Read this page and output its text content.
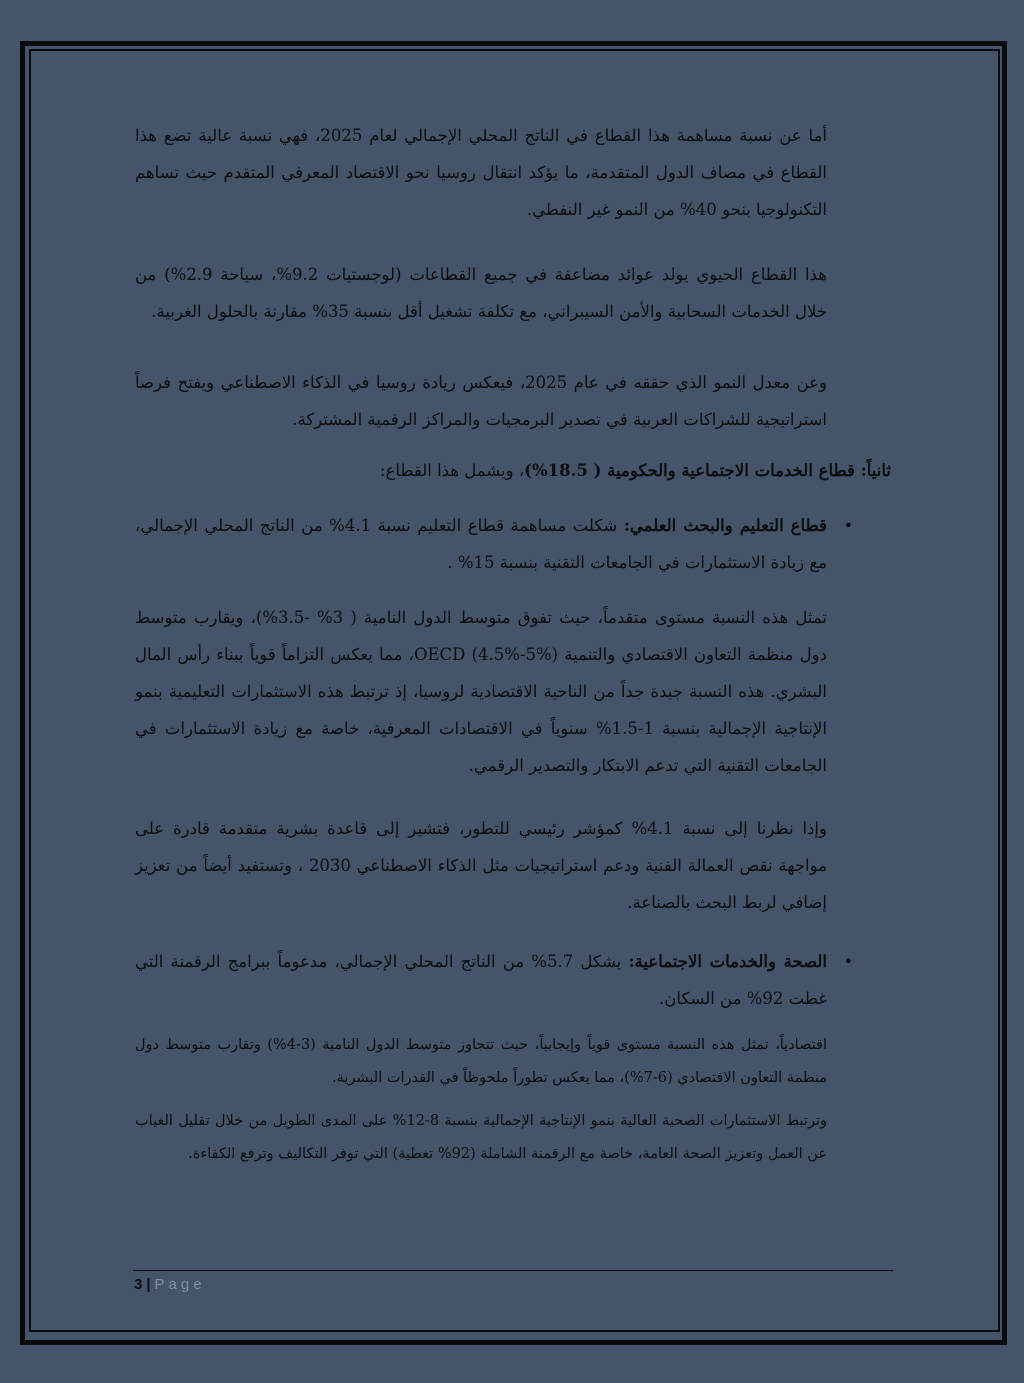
أما عن نسبة مساهمة هذا القطاع في الناتج المحلي الإجمالي لعام 2025، فهي نسبة عالية تضع هذا القطاع في مصاف الدول المتقدمة، ما يؤكد انتقال روسيا نحو الاقتصاد المعرفي المتقدم حيث تساهم التكنولوجيا بنحو 40% من النمو غير النفطي.

هذا القطاع الحيوي يولد عوائد مضاعفة في جميع القطاعات (لوجستيات 9.2%، سياحة 2.9%) من خلال الخدمات السحابية والأمن السيبراني، مع تكلفة تشغيل أقل بنسبة 35% مقارنة بالحلول الغربية.

وعن معدل النمو الذي حققه في عام 2025، فيعكس ريادة روسيا في الذكاء الاصطناعي ويفتح فرصاً استراتيجية للشراكات العربية في تصدير البرمجيات والمراكز الرقمية المشتركة.

ثانياً: قطاع الخدمات الاجتماعية والحكومية ( 18.5%)، ويشمل هذا القطاع:

•
قطاع التعليم والبحث العلمي: شكلت مساهمة قطاع التعليم نسبة 4.1% من الناتج المحلي الإجمالي، مع زيادة الاستثمارات في الجامعات التقنية بنسبة 15% .

تمثل هذه النسبة مستوى متقدماً، حيث تفوق متوسط الدول النامية ( 3% -3.5%)، ويقارب متوسط دول منظمة التعاون الاقتصادي والتنمية OECD (4.5%-5%)، مما يعكس التزاماً قوياً ببناء رأس المال البشري. هذه النسبة جيدة جداً من الناحية الاقتصادية لروسيا، إذ ترتبط هذه الاستثمارات التعليمية بنمو الإنتاجية الإجمالية بنسبة 1-1.5% سنوياً في الاقتصادات المعرفية، خاصة مع زيادة الاستثمارات في الجامعات التقنية التي تدعم الابتكار والتصدير الرقمي.

وإذا نظرنا إلى نسبة 4.1% كمؤشر رئيسي للتطور، فتشير إلى قاعدة بشرية متقدمة قادرة على مواجهة نقص العمالة الفنية ودعم استراتيجيات مثل الذكاء الاصطناعي 2030 ، وتستفيد أيضاً من تعزيز إضافي لربط البحث بالصناعة.

•
الصحة والخدمات الاجتماعية: يشكل 5.7% من الناتج المحلي الإجمالي، مدعوماً ببرامج الرقمنة التي غطت 92% من السكان.

اقتصادياً، تمثل هذه النسبة مستوى قوياً وإيجابياً، حيث تتجاوز متوسط الدول النامية (3-4%) وتقارب متوسط دول منظمة التعاون الاقتصادي (6-7%)، مما يعكس تطوراً ملحوظاً في القدرات البشرية.

وترتبط الاستثمارات الصحية العالية بنمو الإنتاجية الإجمالية بنسبة 8-12% على المدى الطويل من خلال تقليل الغياب عن العمل وتعزيز الصحة العامة، خاصة مع الرقمنة الشاملة (92% تغطية) التي توفر التكاليف وترفع الكفاءة.

3 | Page
